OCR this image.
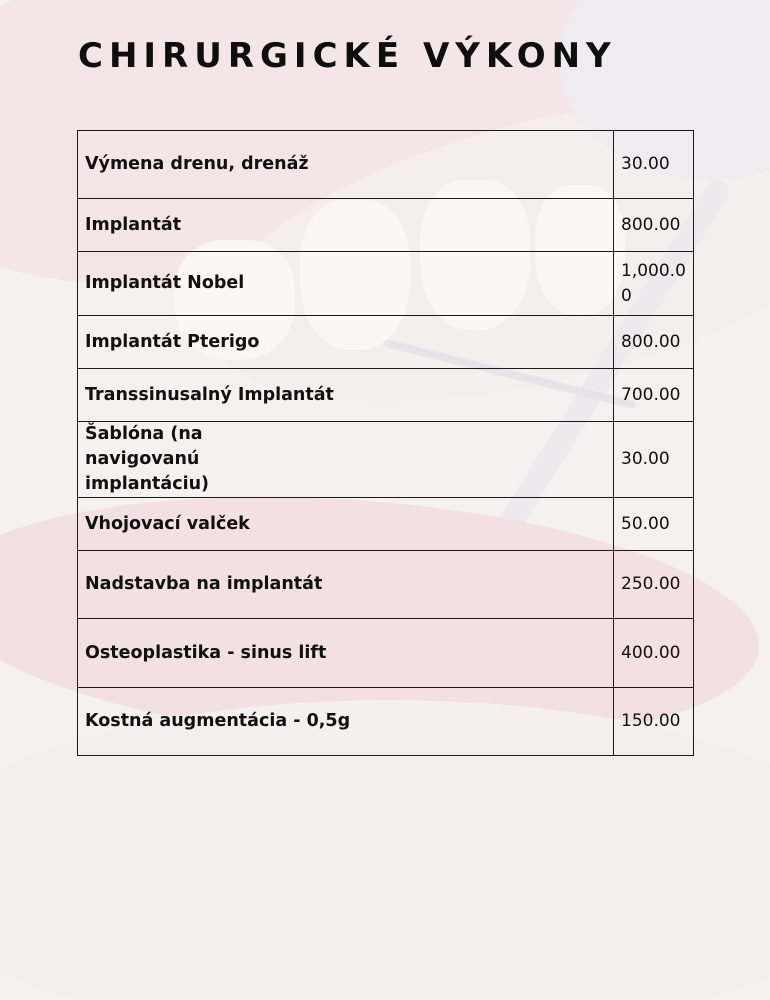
CHIRURGICKÉ VÝKONY
Výmena drenu, drenáž	30.00
Implantát	800.00
Implantát Nobel	1,000.00
Implantát Pterigo	800.00
Transsinusalný Implantát	700.00
Šablóna (na navigovanú implantáciu)	30.00
Vhojovací valček	50.00
Nadstavba na implantát	250.00
Osteoplastika - sinus lift	400.00
Kostná augmentácia - 0,5g	150.00
